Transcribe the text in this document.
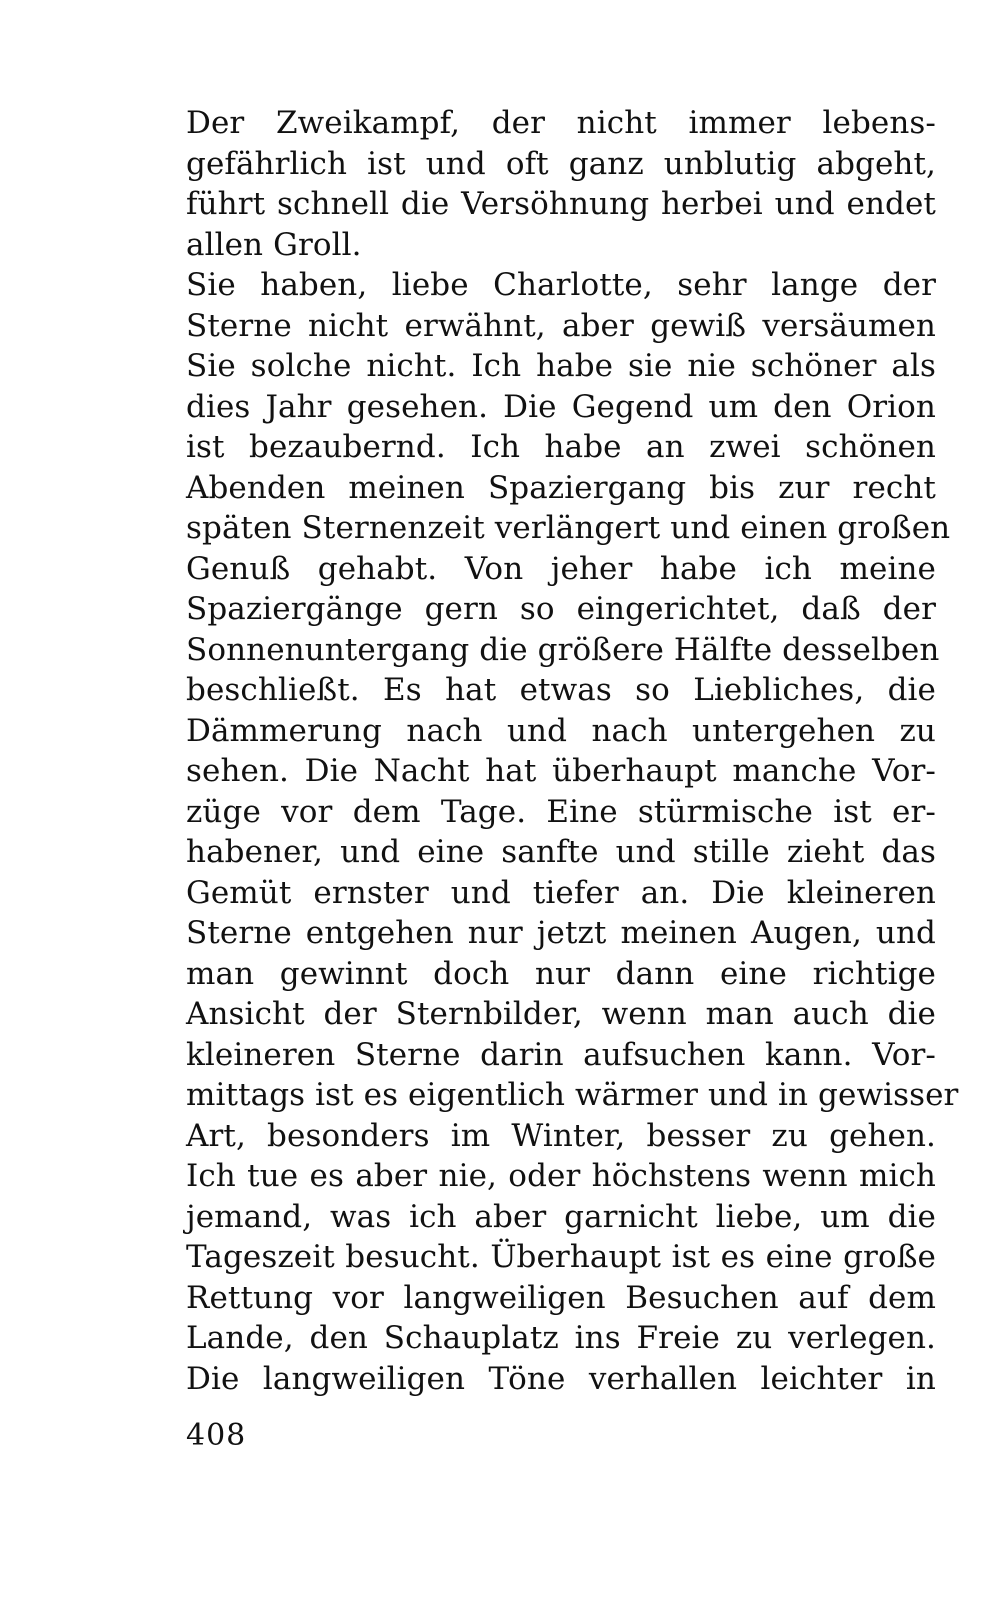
Der Zweikampf, der nicht immer lebens-
gefährlich ist und oft ganz unblutig abgeht,
führt schnell die Versöhnung herbei und endet
allen Groll.
Sie haben, liebe Charlotte, sehr lange der
Sterne nicht erwähnt, aber gewiß versäumen
Sie solche nicht. Ich habe sie nie schöner als
dies Jahr gesehen. Die Gegend um den Orion
ist bezaubernd. Ich habe an zwei schönen
Abenden meinen Spaziergang bis zur recht
späten Sternenzeit verlängert und einen großen
Genuß gehabt. Von jeher habe ich meine
Spaziergänge gern so eingerichtet, daß der
Sonnenuntergang die größere Hälfte desselben
beschließt. Es hat etwas so Liebliches, die
Dämmerung nach und nach untergehen zu
sehen. Die Nacht hat überhaupt manche Vor-
züge vor dem Tage. Eine stürmische ist er-
habener, und eine sanfte und stille zieht das
Gemüt ernster und tiefer an. Die kleineren
Sterne entgehen nur jetzt meinen Augen, und
man gewinnt doch nur dann eine richtige
Ansicht der Sternbilder, wenn man auch die
kleineren Sterne darin aufsuchen kann. Vor-
mittags ist es eigentlich wärmer und in gewisser
Art, besonders im Winter, besser zu gehen.
Ich tue es aber nie, oder höchstens wenn mich
jemand, was ich aber garnicht liebe, um die
Tageszeit besucht. Überhaupt ist es eine große
Rettung vor langweiligen Besuchen auf dem
Lande, den Schauplatz ins Freie zu verlegen.
Die langweiligen Töne verhallen leichter in
408
